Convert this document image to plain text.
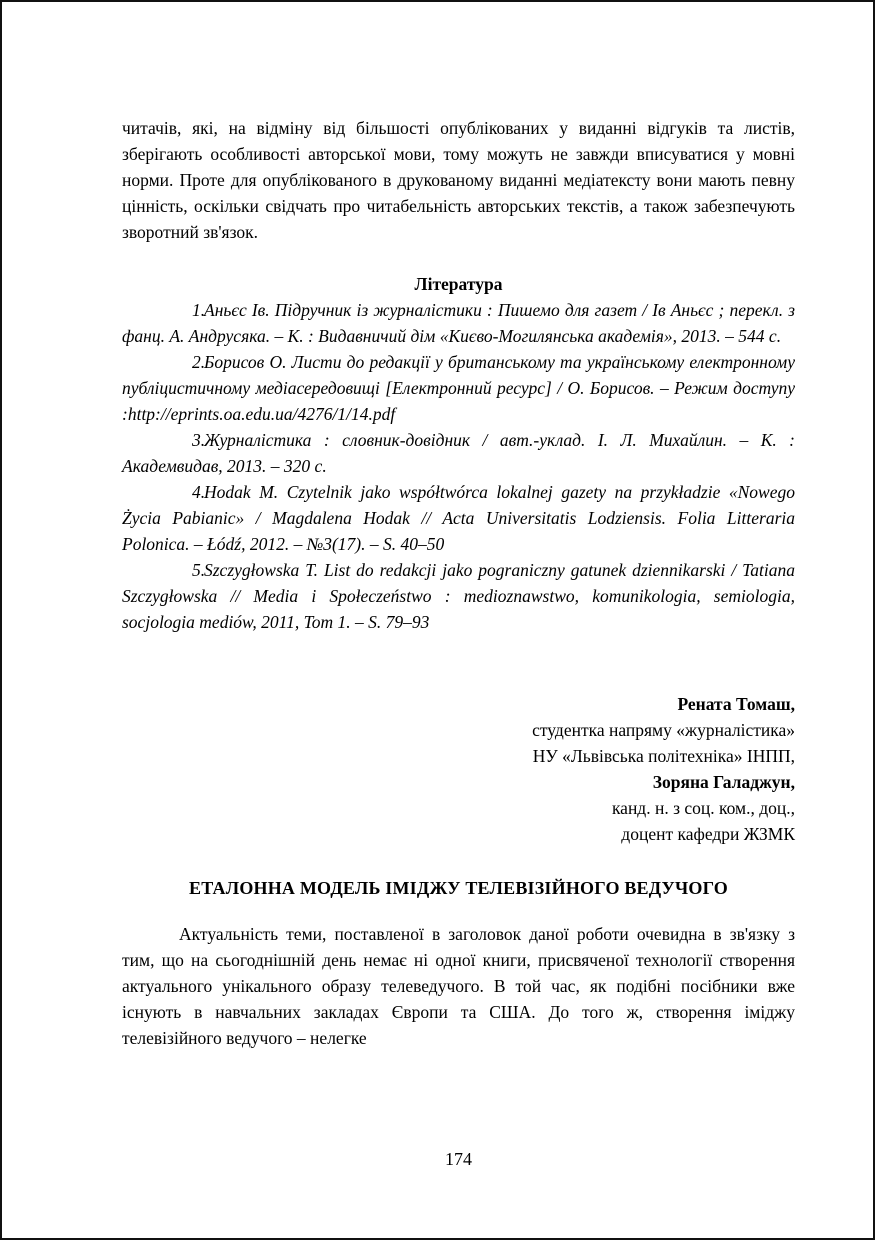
читачів, які, на відміну від більшості опублікованих у виданні відгуків та листів, зберігають особливості авторської мови, тому можуть не завжди вписуватися у мовні норми. Проте для опублікованого в друкованому виданні медіатексту вони мають певну цінність, оскільки свідчать про читабельність авторських текстів, а також забезпечують зворотний зв'язок.

Література

1.Аньєс Ів. Підручник із журналістики : Пишемо для газет / Ів Аньєс ; перекл. з фанц. А. Андрусяка. – К. : Видавничий дім «Києво-Могилянська академія», 2013. – 544 с.

2.Борисов О. Листи до редакції у британському та українському електронному публіцистичному медіасередовищі [Електронний ресурс] / О. Борисов. – Режим доступу :http://eprints.oa.edu.ua/4276/1/14.pdf

3.Журналістика : словник-довідник / авт.-уклад. І. Л. Михайлин. – К. : Академвидав, 2013. – 320 с.

4.Hodak M. Czytelnik jako współtwórca lokalnej gazety na przykładzie «Nowego Życia Pabianic» / Magdalena Hodak // Acta Universitatis Lodziensis. Folia Litteraria Polonica. – Łódź, 2012. – №3(17). – S. 40–50

5.Szczygłowska T. List do redakcji jako pograniczny gatunek dziennikarski / Tatiana Szczygłowska // Media i Społeczeństwo : medioznawstwo, komunikologia, semiologia, socjologia mediów, 2011, Tom 1. – S. 79–93

Рената Томаш,
студентка напряму «журналістика»
НУ «Львівська політехніка» ІНПП,
Зоряна Галаджун,
канд. н. з соц. ком., доц.,
доцент кафедри ЖЗМК
ЕТАЛОННА МОДЕЛЬ ІМІДЖУ ТЕЛЕВІЗІЙНОГО ВЕДУЧОГО

Актуальність теми, поставленої в заголовок даної роботи очевидна в зв'язку з тим, що на сьогоднішній день немає ні одної книги, присвяченої технології створення актуального унікального образу телеведучого. В той час, як подібні посібники вже існують в навчальних закладах Європи та США. До того ж, створення іміджу телевізійного ведучого – нелегке

174
